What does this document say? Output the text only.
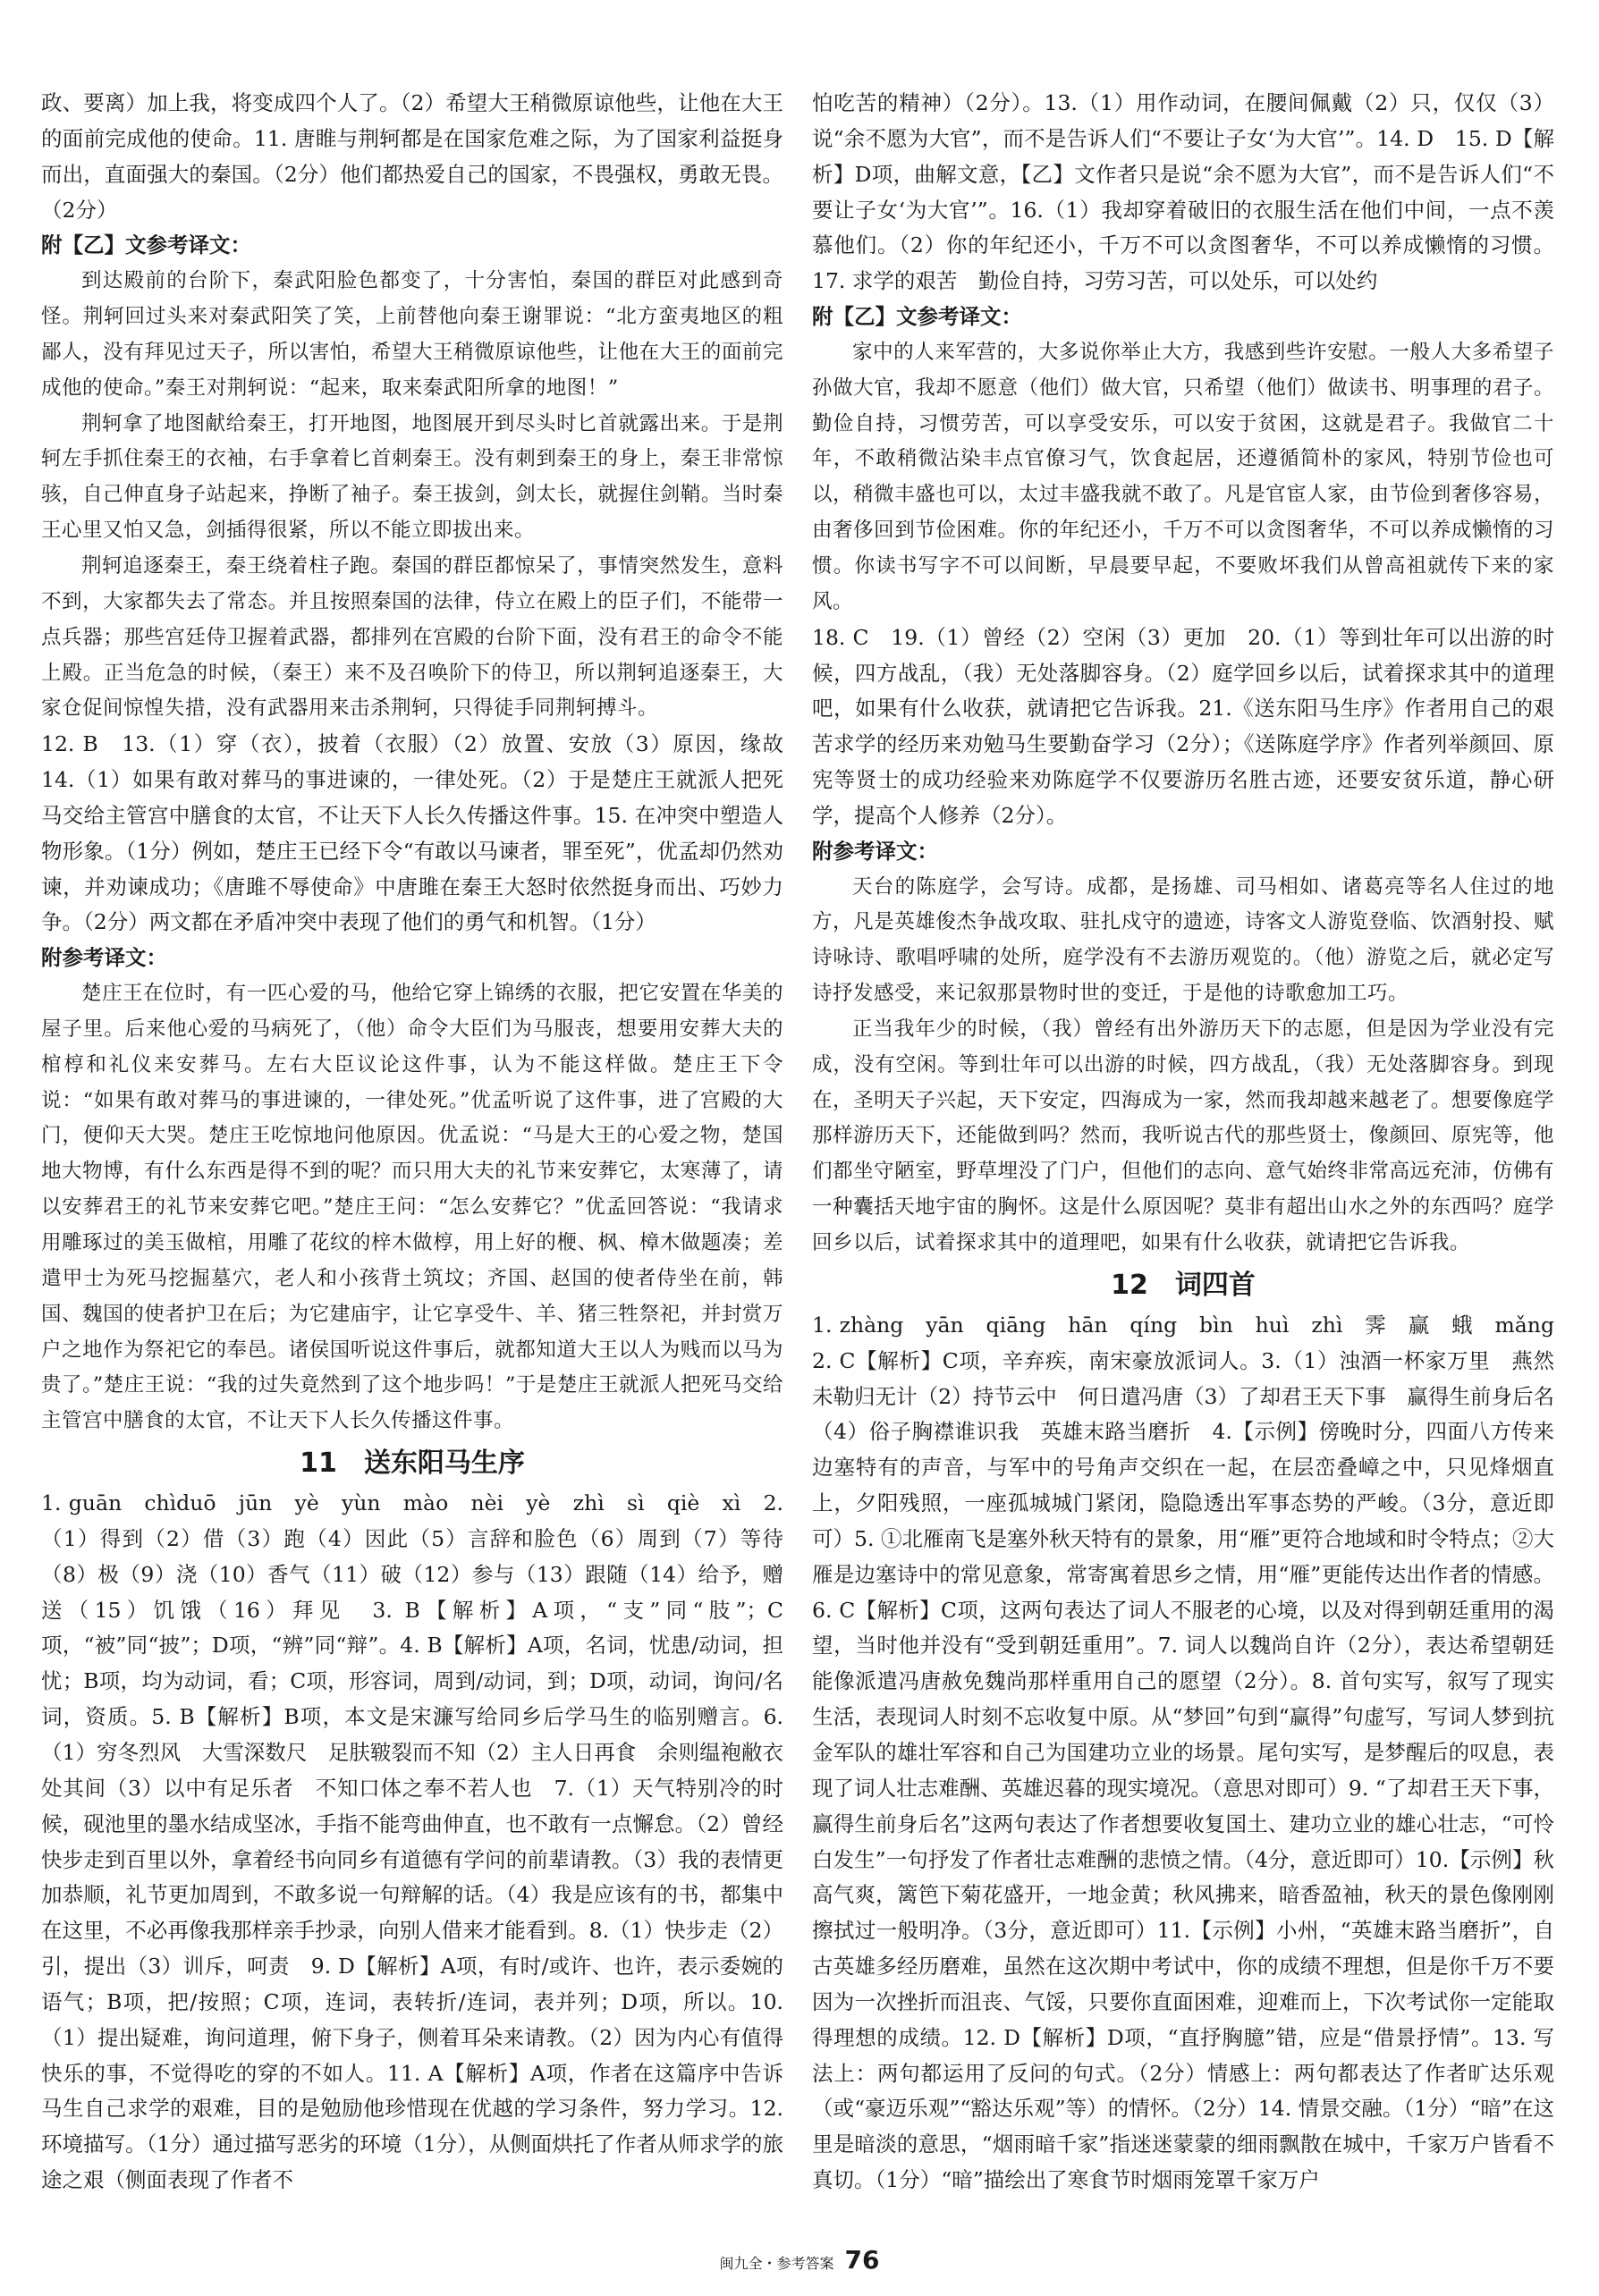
政、要离）加上我，将变成四个人了。（2）希望大王稍微原谅他些，让他在大王的面前完成他的使命。11. 唐睢与荆轲都是在国家危难之际，为了国家利益挺身而出，直面强大的秦国。（2分）他们都热爱自己的国家，不畏强权，勇敢无畏。（2分）

附【乙】文参考译文：

到达殿前的台阶下，秦武阳脸色都变了，十分害怕，秦国的群臣对此感到奇怪。荆轲回过头来对秦武阳笑了笑，上前替他向秦王谢罪说：“北方蛮夷地区的粗鄙人，没有拜见过天子，所以害怕，希望大王稍微原谅他些，让他在大王的面前完成他的使命。”秦王对荆轲说：“起来，取来秦武阳所拿的地图！”

荆轲拿了地图献给秦王，打开地图，地图展开到尽头时匕首就露出来。于是荆轲左手抓住秦王的衣袖，右手拿着匕首刺秦王。没有刺到秦王的身上，秦王非常惊骇，自己伸直身子站起来，挣断了袖子。秦王拔剑，剑太长，就握住剑鞘。当时秦王心里又怕又急，剑插得很紧，所以不能立即拔出来。

荆轲追逐秦王，秦王绕着柱子跑。秦国的群臣都惊呆了，事情突然发生，意料不到，大家都失去了常态。并且按照秦国的法律，侍立在殿上的臣子们，不能带一点兵器；那些宫廷侍卫握着武器，都排列在宫殿的台阶下面，没有君王的命令不能上殿。正当危急的时候，（秦王）来不及召唤阶下的侍卫，所以荆轲追逐秦王，大家仓促间惊惶失措，没有武器用来击杀荆轲，只得徒手同荆轲搏斗。

12. B　13.（1）穿（衣），披着（衣服）（2）放置、安放（3）原因，缘故　14.（1）如果有敢对葬马的事进谏的，一律处死。（2）于是楚庄王就派人把死马交给主管宫中膳食的太官，不让天下人长久传播这件事。15. 在冲突中塑造人物形象。（1分）例如，楚庄王已经下令“有敢以马谏者，罪至死”，优孟却仍然劝谏，并劝谏成功；《唐雎不辱使命》中唐雎在秦王大怒时依然挺身而出、巧妙力争。（2分）两文都在矛盾冲突中表现了他们的勇气和机智。（1分）

附参考译文：

楚庄王在位时，有一匹心爱的马，他给它穿上锦绣的衣服，把它安置在华美的屋子里。后来他心爱的马病死了，（他）命令大臣们为马服丧，想要用安葬大夫的棺椁和礼仪来安葬马。左右大臣议论这件事，认为不能这样做。楚庄王下令说：“如果有敢对葬马的事进谏的，一律处死。”优孟听说了这件事，进了宫殿的大门，便仰天大哭。楚庄王吃惊地问他原因。优孟说：“马是大王的心爱之物，楚国地大物博，有什么东西是得不到的呢？而只用大夫的礼节来安葬它，太寒薄了，请以安葬君王的礼节来安葬它吧。”楚庄王问：“怎么安葬它？”优孟回答说：“我请求用雕琢过的美玉做棺，用雕了花纹的梓木做椁，用上好的楩、枫、樟木做题凑；差遣甲士为死马挖掘墓穴，老人和小孩背土筑坟；齐国、赵国的使者侍坐在前，韩国、魏国的使者护卫在后；为它建庙宇，让它享受牛、羊、猪三牲祭祀，并封赏万户之地作为祭祀它的奉邑。诸侯国听说这件事后，就都知道大王以人为贱而以马为贵了。”楚庄王说：“我的过失竟然到了这个地步吗！”于是楚庄王就派人把死马交给主管宫中膳食的太官，不让天下人长久传播这件事。

11　送东阳马生序

1. guān　chìduō　jūn　yè　yùn　mào　nèi　yè　zhì　sì　qiè　xì　2.（1）得到（2）借（3）跑（4）因此（5）言辞和脸色（6）周到（7）等待（8）极（9）浇（10）香气（11）破（12）参与（13）跟随（14）给予，赠送（15）饥饿（16）拜见　3. B【解析】A项，“支”同“肢”；C项，“被”同“披”；D项，“辨”同“辩”。4. B【解析】A项，名词，忧患/动词，担忧；B项，均为动词，看；C项，形容词，周到/动词，到；D项，动词，询问/名词，资质。5. B【解析】B项，本文是宋濂写给同乡后学马生的临别赠言。6.（1）穷冬烈风　大雪深数尺　足肤皲裂而不知（2）主人日再食　余则缊袍敝衣处其间（3）以中有足乐者　不知口体之奉不若人也　7.（1）天气特别冷的时候，砚池里的墨水结成坚冰，手指不能弯曲伸直，也不敢有一点懈怠。（2）曾经快步走到百里以外，拿着经书向同乡有道德有学问的前辈请教。（3）我的表情更加恭顺，礼节更加周到，不敢多说一句辩解的话。（4）我是应该有的书，都集中在这里，不必再像我那样亲手抄录，向别人借来才能看到。8.（1）快步走（2）引，提出（3）训斥，呵责　9. D【解析】A项，有时/或许、也许，表示委婉的语气；B项，把/按照；C项，连词，表转折/连词，表并列；D项，所以。10.（1）提出疑难，询问道理，俯下身子，侧着耳朵来请教。（2）因为内心有值得快乐的事，不觉得吃的穿的不如人。11. A【解析】A项，作者在这篇序中告诉马生自己求学的艰难，目的是勉励他珍惜现在优越的学习条件，努力学习。12. 环境描写。（1分）通过描写恶劣的环境（1分），从侧面烘托了作者从师求学的旅途之艰（侧面表现了作者不

怕吃苦的精神）（2分）。13.（1）用作动词，在腰间佩戴（2）只，仅仅（3）说“余不愿为大官”，而不是告诉人们“不要让子女‘为大官’”。14. D　15. D【解析】D项，曲解文意，【乙】文作者只是说“余不愿为大官”，而不是告诉人们“不要让子女‘为大官’”。16.（1）我却穿着破旧的衣服生活在他们中间，一点不羡慕他们。（2）你的年纪还小，千万不可以贪图奢华，不可以养成懒惰的习惯。17. 求学的艰苦　勤俭自持，习劳习苦，可以处乐，可以处约

附【乙】文参考译文：

家中的人来军营的，大多说你举止大方，我感到些许安慰。一般人大多希望子孙做大官，我却不愿意（他们）做大官，只希望（他们）做读书、明事理的君子。勤俭自持，习惯劳苦，可以享受安乐，可以安于贫困，这就是君子。我做官二十年，不敢稍微沾染丰点官僚习气，饮食起居，还遵循简朴的家风，特别节俭也可以，稍微丰盛也可以，太过丰盛我就不敢了。凡是官宦人家，由节俭到奢侈容易，由奢侈回到节俭困难。你的年纪还小，千万不可以贪图奢华，不可以养成懒惰的习惯。你读书写字不可以间断，早晨要早起，不要败坏我们从曾高祖就传下来的家风。

18. C　19.（1）曾经（2）空闲（3）更加　20.（1）等到壮年可以出游的时候，四方战乱，（我）无处落脚容身。（2）庭学回乡以后，试着探求其中的道理吧，如果有什么收获，就请把它告诉我。21.《送东阳马生序》作者用自己的艰苦求学的经历来劝勉马生要勤奋学习（2分）；《送陈庭学序》作者列举颜回、原宪等贤士的成功经验来劝陈庭学不仅要游历名胜古迹，还要安贫乐道，静心研学，提高个人修养（2分）。

附参考译文：

天台的陈庭学，会写诗。成都，是扬雄、司马相如、诸葛亮等名人住过的地方，凡是英雄俊杰争战攻取、驻扎戍守的遗迹，诗客文人游览登临、饮酒射投、赋诗咏诗、歌唱呼啸的处所，庭学没有不去游历观览的。（他）游览之后，就必定写诗抒发感受，来记叙那景物时世的变迁，于是他的诗歌愈加工巧。

正当我年少的时候，（我）曾经有出外游历天下的志愿，但是因为学业没有完成，没有空闲。等到壮年可以出游的时候，四方战乱，（我）无处落脚容身。到现在，圣明天子兴起，天下安定，四海成为一家，然而我却越来越老了。想要像庭学那样游历天下，还能做到吗？然而，我听说古代的那些贤士，像颜回、原宪等，他们都坐守陋室，野草埋没了门户，但他们的志向、意气始终非常高远充沛，仿佛有一种囊括天地宇宙的胸怀。这是什么原因呢？莫非有超出山水之外的东西吗？庭学回乡以后，试着探求其中的道理吧，如果有什么收获，就请把它告诉我。

12　词四首

1. zhàng　yān　qiāng　hān　qíng　bìn　huì　zhì　霁　赢　蛾　mǎng　2. C【解析】C项，辛弃疾，南宋豪放派词人。3.（1）浊酒一杯家万里　燕然未勒归无计（2）持节云中　何日遣冯唐（3）了却君王天下事　赢得生前身后名（4）俗子胸襟谁识我　英雄末路当磨折　4.【示例】傍晚时分，四面八方传来边塞特有的声音，与军中的号角声交织在一起，在层峦叠嶂之中，只见烽烟直上，夕阳残照，一座孤城城门紧闭，隐隐透出军事态势的严峻。（3分，意近即可）5. ①北雁南飞是塞外秋天特有的景象，用“雁”更符合地域和时令特点；②大雁是边塞诗中的常见意象，常寄寓着思乡之情，用“雁”更能传达出作者的情感。6. C【解析】C项，这两句表达了词人不服老的心境，以及对得到朝廷重用的渴望，当时他并没有“受到朝廷重用”。7. 词人以魏尚自许（2分），表达希望朝廷能像派遣冯唐赦免魏尚那样重用自己的愿望（2分）。8. 首句实写，叙写了现实生活，表现词人时刻不忘收复中原。从“梦回”句到“赢得”句虚写，写词人梦到抗金军队的雄壮军容和自己为国建功立业的场景。尾句实写，是梦醒后的叹息，表现了词人壮志难酬、英雄迟暮的现实境况。（意思对即可）9. “了却君王天下事，赢得生前身后名”这两句表达了作者想要收复国土、建功立业的雄心壮志，“可怜白发生”一句抒发了作者壮志难酬的悲愤之情。（4分，意近即可）10.【示例】秋高气爽，篱笆下菊花盛开，一地金黄；秋风拂来，暗香盈袖，秋天的景色像刚刚擦拭过一般明净。（3分，意近即可）11.【示例】小州，“英雄末路当磨折”，自古英雄多经历磨难，虽然在这次期中考试中，你的成绩不理想，但是你千万不要因为一次挫折而沮丧、气馁，只要你直面困难，迎难而上，下次考试你一定能取得理想的成绩。12. D【解析】D项，“直抒胸臆”错，应是“借景抒情”。13. 写法上：两句都运用了反问的句式。（2分）情感上：两句都表达了作者旷达乐观（或“豪迈乐观”“豁达乐观”等）的情怀。（2分）14. 情景交融。（1分）“暗”在这里是暗淡的意思，“烟雨暗千家”指迷迷蒙蒙的细雨飘散在城中，千家万户皆看不真切。（1分）“暗”描绘出了寒食节时烟雨笼罩千家万户

闽九全・参考答案 76
